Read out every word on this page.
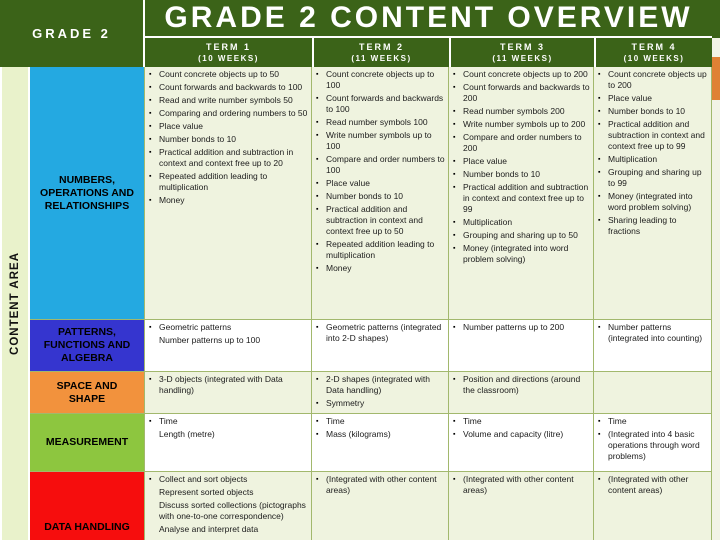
GRADE 2	GRADE 2 CONTENT OVERVIEW
TERM 1
(10 WEEKS)
TERM 2
(11 WEEKS)
TERM 3
(11 WEEKS)
TERM 4
(10 WEEKS)
CONTENT AREA
NUMBERS, OPERATIONS AND RELATIONSHIPS
▪ Count concrete objects up to 50
▪ Count forwards and backwards to 100
▪ Read and write number symbols 50
▪ Comparing and ordering numbers to 50
▪ Place value
▪ Number bonds to 10
▪ Practical addition and subtraction in context and context free up to 20
▪ Repeated addition leading to multiplication
▪ Money
▪ Count concrete objects up to 100
▪ Count forwards and backwards to 100
▪ Read number symbols 100
▪ Write number symbols up to 100
▪ Compare and order numbers to 100
▪ Place value
▪ Number bonds to 10
▪ Practical addition and subtraction in context and context free up to 50
▪ Repeated addition leading to multiplication
▪ Money
▪ Count concrete objects up to 200
▪ Count forwards and backwards to 200
▪ Read number symbols 200
▪ Write number symbols up to 200
▪ Compare and order numbers to 200
▪ Place value
▪ Number bonds to 10
▪ Practical addition and subtraction in context and context free up to 99
▪ Multiplication
▪ Grouping and sharing up to 50
▪ Money (integrated into word problem solving)
▪ Count concrete objects up to 200
▪ Place value
▪ Number bonds to 10
▪ Practical addition and subtraction in context and context free up to 99
▪ Multiplication
▪ Grouping and sharing up to 99
▪ Money (integrated into word problem solving)
▪ Sharing leading to fractions
PATTERNS, FUNCTIONS AND ALGEBRA
▪ Geometric patterns
Number patterns up to 100
▪ Geometric patterns (integrated into 2-D shapes)
▪ Number patterns up to 200	▪ Number patterns (integrated into counting)
SPACE AND SHAPE
▪ 3-D objects (integrated with Data handling)
▪ 2-D shapes (integrated with Data handling)
▪ Symmetry
▪ Position and directions (around the classroom)
MEASUREMENT
▪ Time
Length (metre)
▪ Time
▪ Mass (kilograms)
▪ Time
▪ Volume and capacity (litre)
▪ Time
▪ (Integrated into 4 basic operations through word problems)
DATA HANDLING
▪ Collect and sort objects
Represent sorted objects
Discuss sorted collections (pictographs with one-to-one correspondence)
Analyse and interpret data
▪ (Integrated with other content areas)
▪ (Integrated with other content areas)
▪ (Integrated with other content areas)
